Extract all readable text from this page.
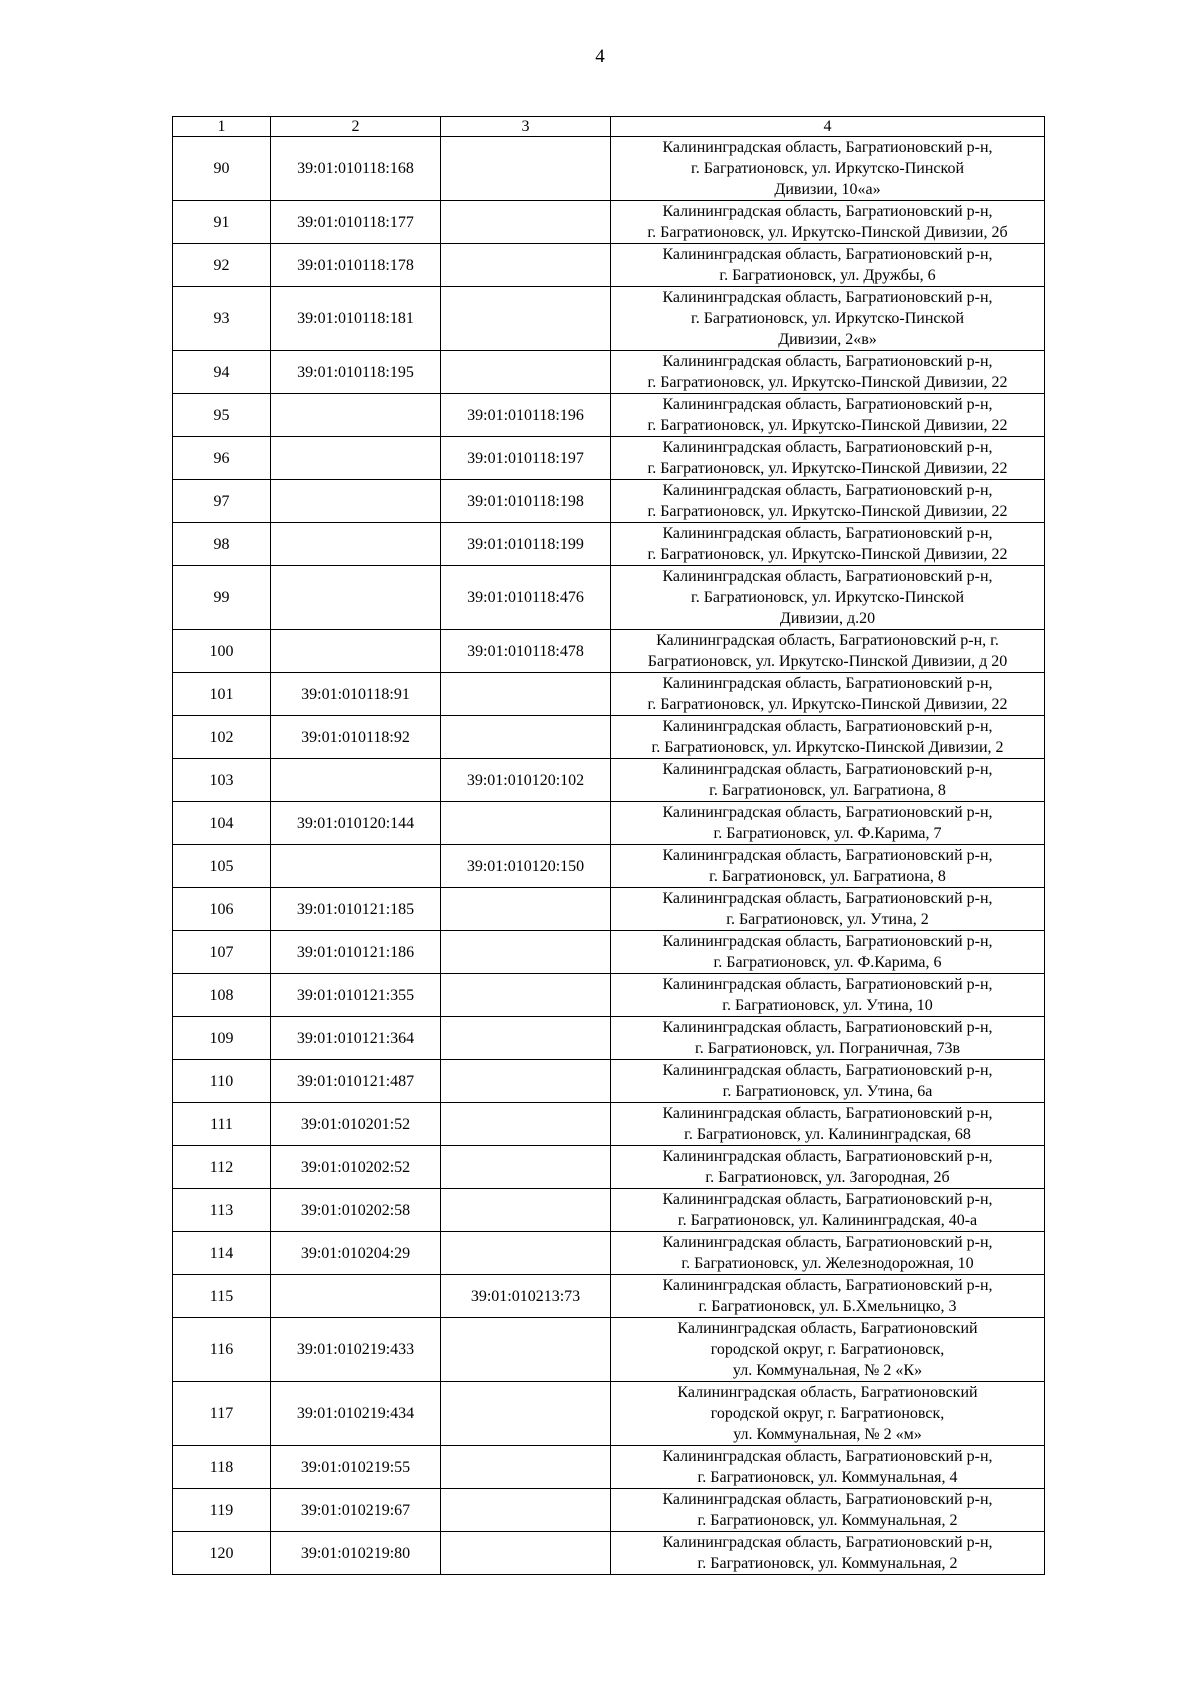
4
1	2	3	4
90	39:01:010118:168		Калининградская область, Багратионовский р-н,
г. Багратионовск, ул. Иркутско-Пинской
Дивизии, 10«а»

91	39:01:010118:177		Калининградская область, Багратионовский р-н,
г. Багратионовск, ул. Иркутско-Пинской Дивизии, 2б

92	39:01:010118:178		Калининградская область, Багратионовский р-н,
г. Багратионовск, ул. Дружбы, 6

93	39:01:010118:181		Калининградская область, Багратионовский р-н,
г. Багратионовск, ул. Иркутско-Пинской
Дивизии, 2«в»

94	39:01:010118:195		Калининградская область, Багратионовский р-н,
г. Багратионовск, ул. Иркутско-Пинской Дивизии, 22

95		39:01:010118:196	Калининградская область, Багратионовский р-н,
г. Багратионовск, ул. Иркутско-Пинской Дивизии, 22

96		39:01:010118:197	Калининградская область, Багратионовский р-н,
г. Багратионовск, ул. Иркутско-Пинской Дивизии, 22

97		39:01:010118:198	Калининградская область, Багратионовский р-н,
г. Багратионовск, ул. Иркутско-Пинской Дивизии, 22

98		39:01:010118:199	Калининградская область, Багратионовский р-н,
г. Багратионовск, ул. Иркутско-Пинской Дивизии, 22

99		39:01:010118:476	Калининградская область, Багратионовский р-н,
г. Багратионовск, ул. Иркутско-Пинской
Дивизии, д.20

100		39:01:010118:478	Калининградская область, Багратионовский р-н, г.
Багратионовск, ул. Иркутско-Пинской Дивизии, д 20

101	39:01:010118:91		Калининградская область, Багратионовский р-н,
г. Багратионовск, ул. Иркутско-Пинской Дивизии, 22

102	39:01:010118:92		Калининградская область, Багратионовский р-н,
г. Багратионовск, ул. Иркутско-Пинской Дивизии, 2

103		39:01:010120:102	Калининградская область, Багратионовский р-н,
г. Багратионовск, ул. Багратиона, 8

104	39:01:010120:144		Калининградская область, Багратионовский р-н,
г. Багратионовск, ул. Ф.Карима, 7

105		39:01:010120:150	Калининградская область, Багратионовский р-н,
г. Багратионовск, ул. Багратиона, 8

106	39:01:010121:185		Калининградская область, Багратионовский р-н,
г. Багратионовск, ул. Утина, 2

107	39:01:010121:186		Калининградская область, Багратионовский р-н,
г. Багратионовск, ул. Ф.Карима, 6

108	39:01:010121:355		Калининградская область, Багратионовский р-н,
г. Багратионовск, ул. Утина, 10

109	39:01:010121:364		Калининградская область, Багратионовский р-н,
г. Багратионовск, ул. Пограничная, 73в

110	39:01:010121:487		Калининградская область, Багратионовский р-н,
г. Багратионовск, ул. Утина, 6а

111	39:01:010201:52		Калининградская область, Багратионовский р-н,
г. Багратионовск, ул. Калининградская, 68

112	39:01:010202:52		Калининградская область, Багратионовский р-н,
г. Багратионовск, ул. Загородная, 2б

113	39:01:010202:58		Калининградская область, Багратионовский р-н,
г. Багратионовск, ул. Калининградская, 40-а

114	39:01:010204:29		Калининградская область, Багратионовский р-н,
г. Багратионовск, ул. Железнодорожная, 10

115		39:01:010213:73	Калининградская область, Багратионовский р-н,
г. Багратионовск, ул. Б.Хмельницко, 3

116	39:01:010219:433		Калининградская область, Багратионовский
городской округ, г. Багратионовск,
ул. Коммунальная, № 2 «К»

117	39:01:010219:434		Калининградская область, Багратионовский
городской округ, г. Багратионовск,
ул. Коммунальная, № 2 «м»

118	39:01:010219:55		Калининградская область, Багратионовский р-н,
г. Багратионовск, ул. Коммунальная, 4

119	39:01:010219:67		Калининградская область, Багратионовский р-н,
г. Багратионовск, ул. Коммунальная, 2

120	39:01:010219:80		Калининградская область, Багратионовский р-н,
г. Багратионовск, ул. Коммунальная, 2
